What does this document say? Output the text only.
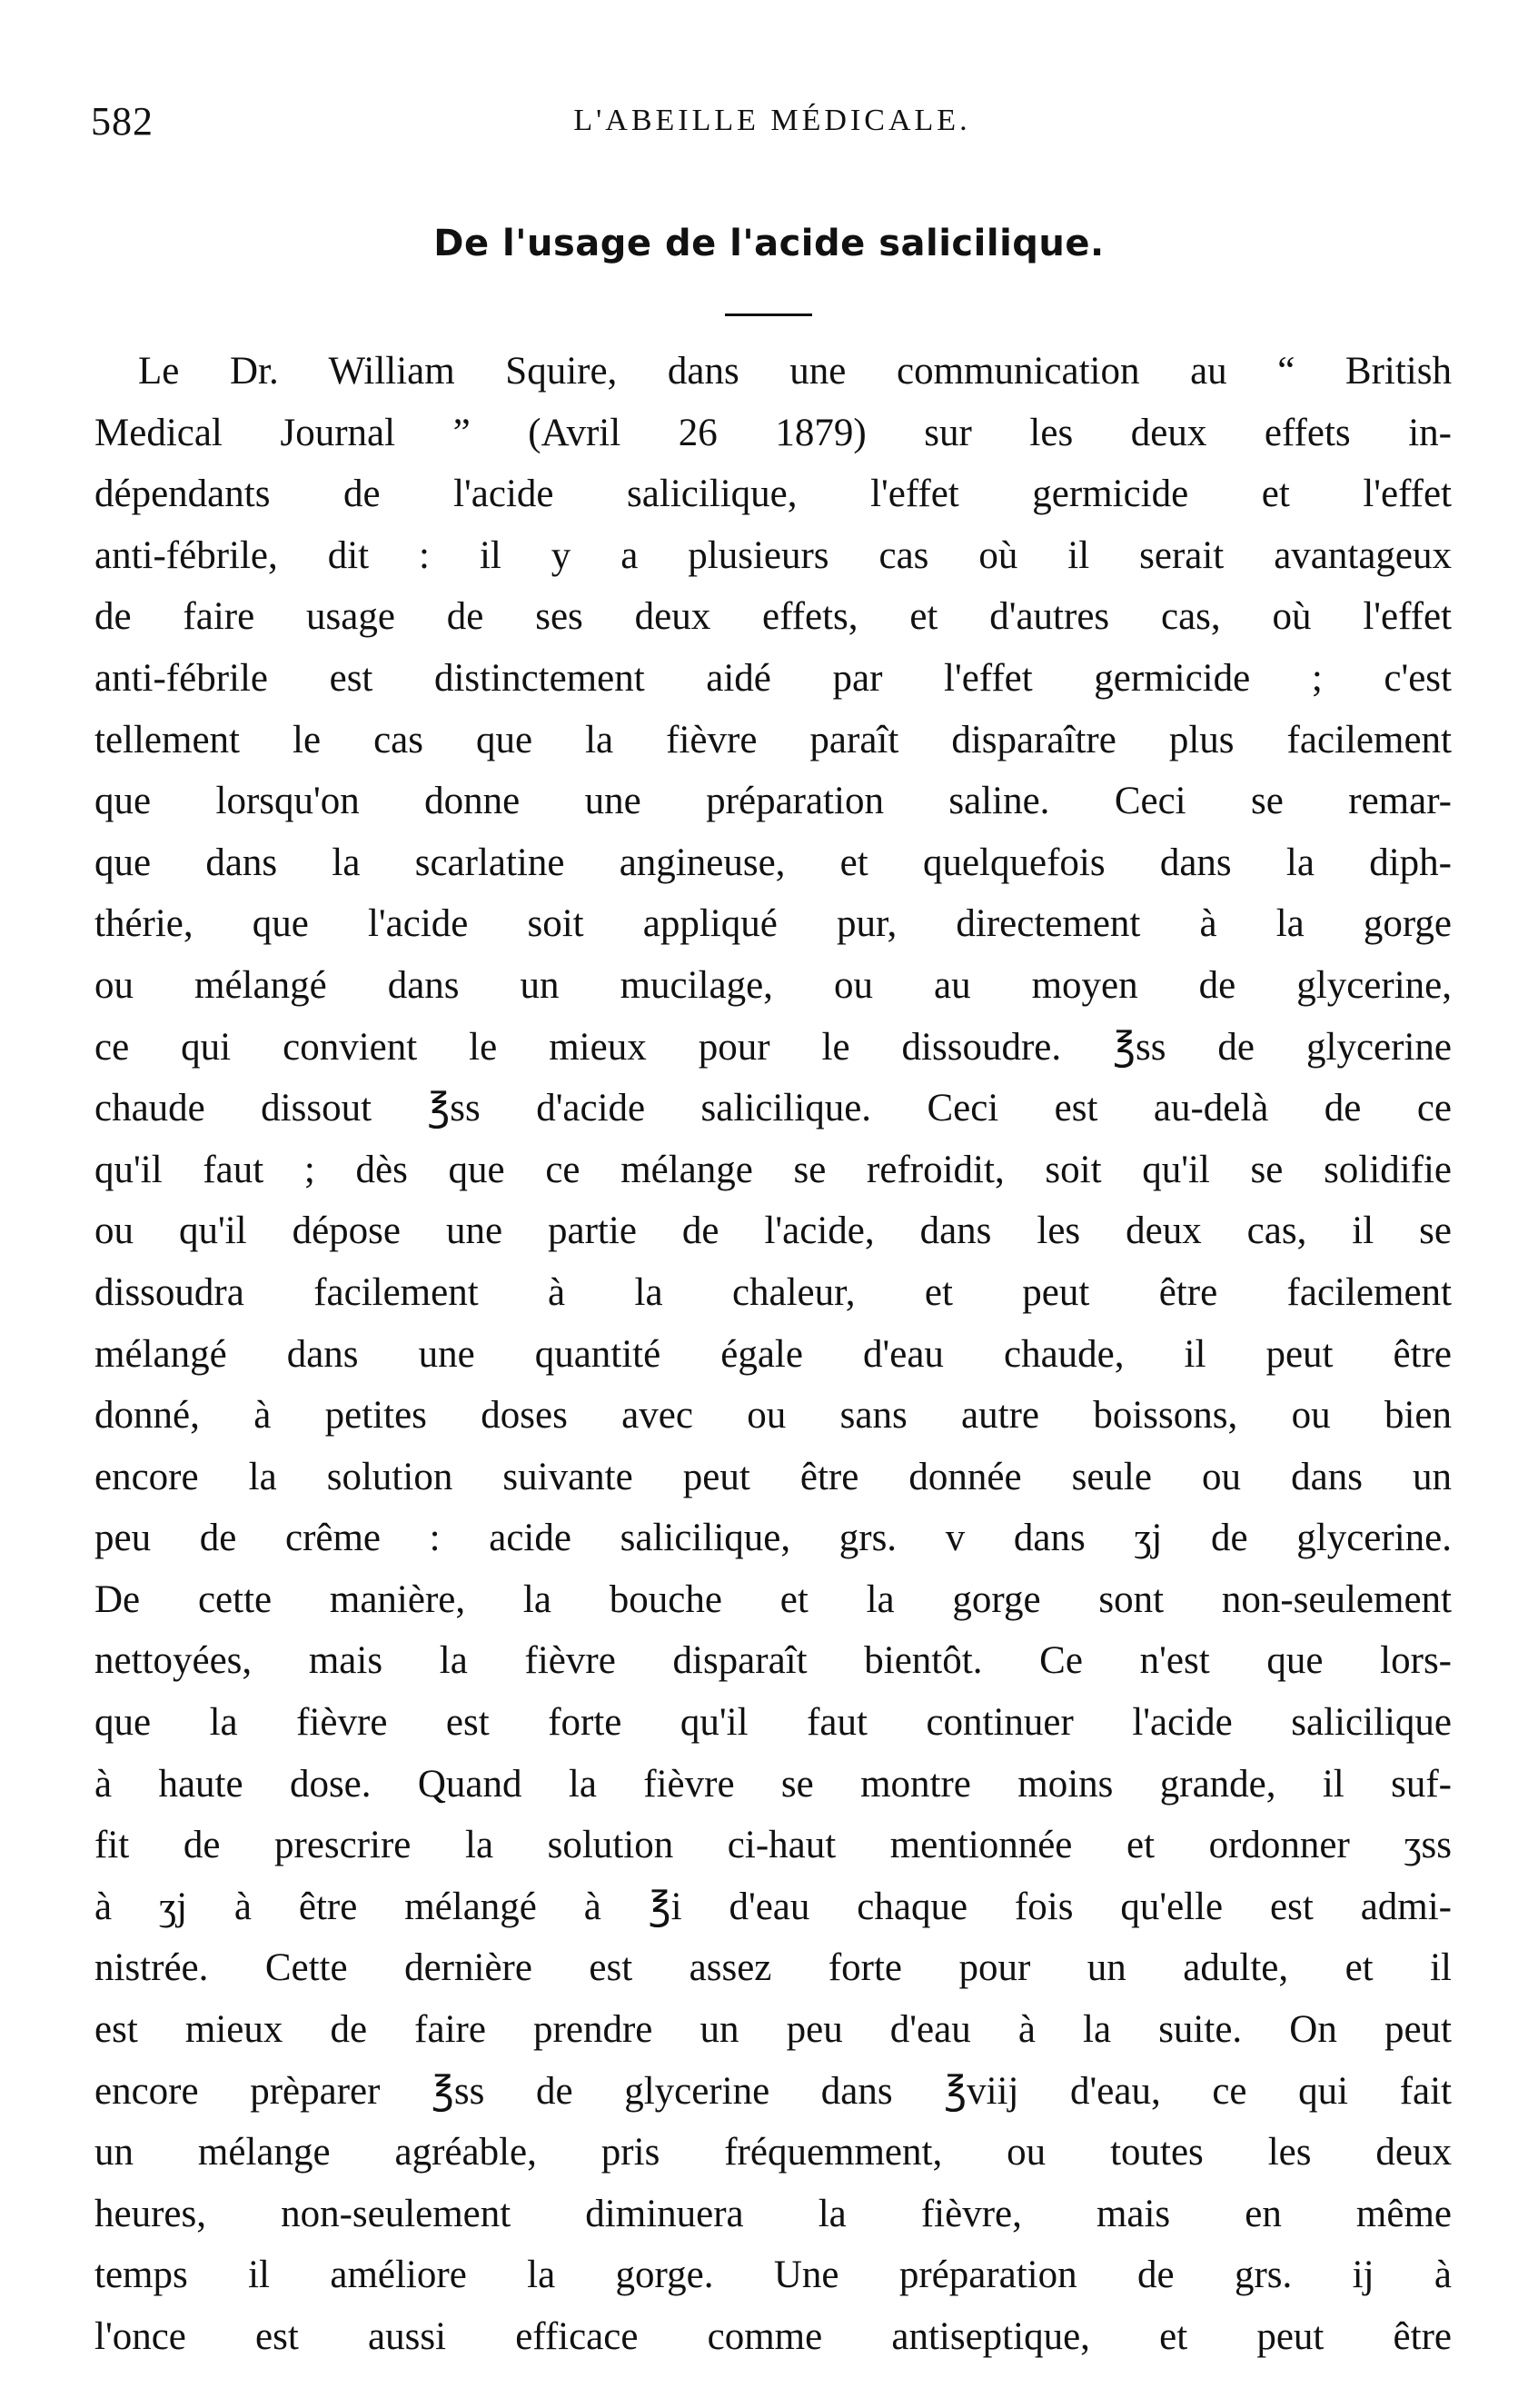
582	L'ABEILLE MÉDICALE.
De l'usage de l'acide salicilique.
Le Dr. William Squire, dans une communication au “ British
Medical Journal ” (Avril 26 1879) sur les deux effets in-
dépendants de l'acide salicilique, l'effet germicide et l'effet
anti-fébrile, dit : il y a plusieurs cas où il serait avantageux
de faire usage de ses deux effets, et d'autres cas, où l'effet
anti-fébrile est distinctement aidé par l'effet germicide ; c'est
tellement le cas que la fièvre paraît disparaître plus facilement
que lorsqu'on donne une préparation saline. Ceci se remar-
que dans la scarlatine angineuse, et quelquefois dans la diph-
thérie, que l'acide soit appliqué pur, directement à la gorge
ou mélangé dans un mucilage, ou au moyen de glycerine,
ce qui convient le mieux pour le dissoudre. ℥ss de glycerine
chaude dissout ℥ss d'acide salicilique. Ceci est au-delà de ce
qu'il faut ; dès que ce mélange se refroidit, soit qu'il se solidifie
ou qu'il dépose une partie de l'acide, dans les deux cas, il se
dissoudra facilement à la chaleur, et peut être facilement
mélangé dans une quantité égale d'eau chaude, il peut être
donné, à petites doses avec ou sans autre boissons, ou bien
encore la solution suivante peut être donnée seule ou dans un
peu de crême : acide salicilique, grs. v dans ʒj de glycerine.
De cette manière, la bouche et la gorge sont non-seulement
nettoyées, mais la fièvre disparaît bientôt. Ce n'est que lors-
que la fièvre est forte qu'il faut continuer l'acide salicilique
à haute dose. Quand la fièvre se montre moins grande, il suf-
fit de prescrire la solution ci-haut mentionnée et ordonner ʒss
à ʒj à être mélangé à ℥i d'eau chaque fois qu'elle est admi-
nistrée. Cette dernière est assez forte pour un adulte, et il
est mieux de faire prendre un peu d'eau à la suite. On peut
encore prèparer ℥ss de glycerine dans ℥viij d'eau, ce qui fait
un mélange agréable, pris fréquemment, ou toutes les deux
heures, non-seulement diminuera la fièvre, mais en même
temps il améliore la gorge. Une préparation de grs. ij à
l'once est aussi efficace comme antiseptique, et peut être
